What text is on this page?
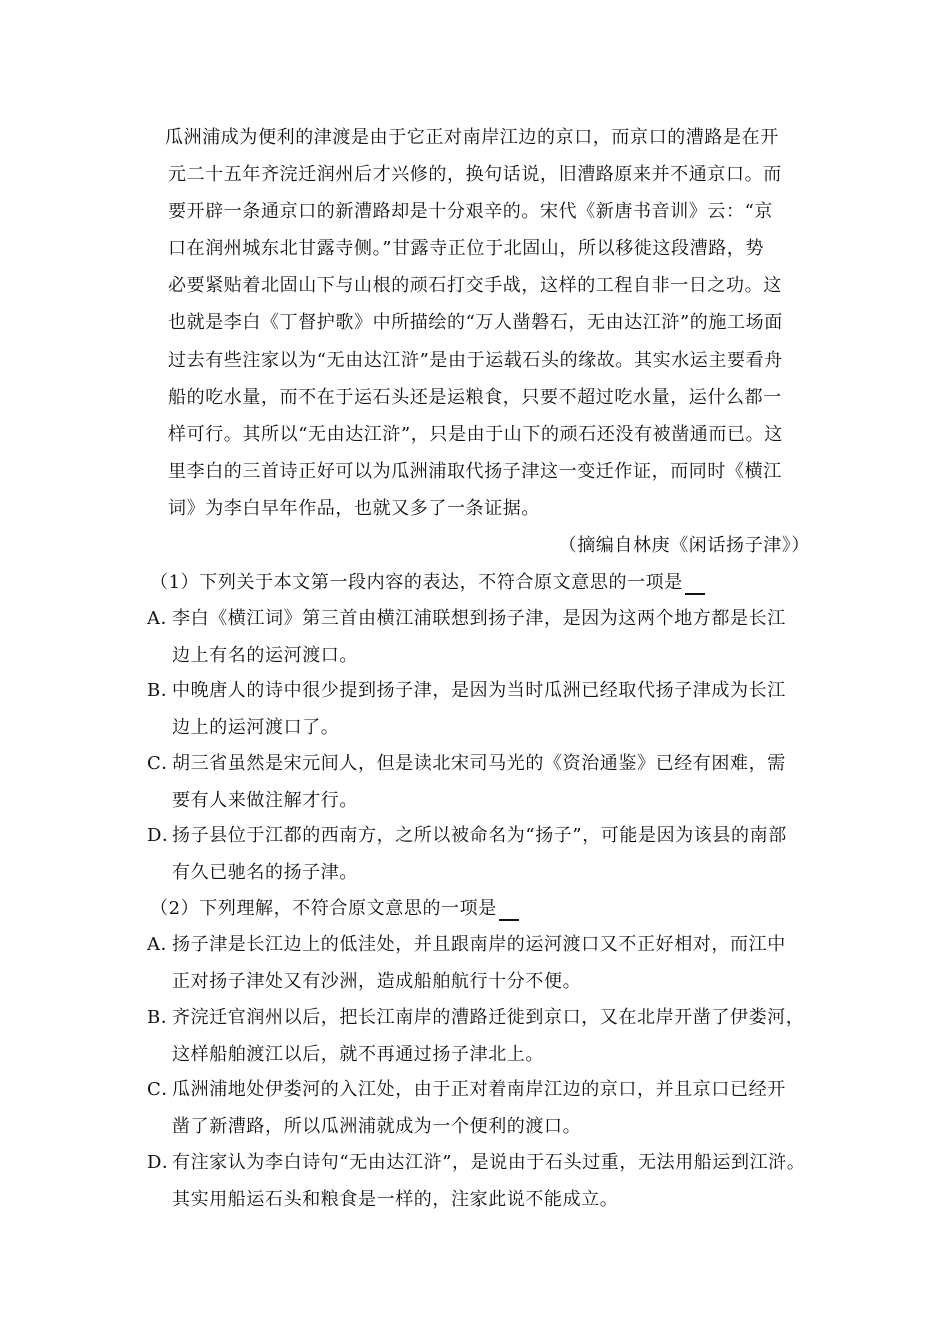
瓜洲浦成为便利的津渡是由于它正对南岸江边的京口，而京口的漕路是在开
元二十五年齐浣迁润州后才兴修的，换句话说，旧漕路原来并不通京口。而
要开辟一条通京口的新漕路却是十分艰辛的。宋代《新唐书音训》云：“京
口在润州城东北甘露寺侧。”甘露寺正位于北固山，所以移徙这段漕路，势
必要紧贴着北固山下与山根的顽石打交手战，这样的工程自非一日之功。这
也就是李白《丁督护歌》中所描绘的“万人凿磐石，无由达江浒”的施工场面
过去有些注家以为“无由达江浒”是由于运载石头的缘故。其实水运主要看舟
船的吃水量，而不在于运石头还是运粮食，只要不超过吃水量，运什么都一
样可行。其所以“无由达江浒”，只是由于山下的顽石还没有被凿通而已。这
里李白的三首诗正好可以为瓜洲浦取代扬子津这一变迁作证，而同时《横江
词》为李白早年作品，也就又多了一条证据。
（摘编自林庚《闲话扬子津》）
（1）下列关于本文第一段内容的表达，不符合原文意思的一项是
A．
李白《横江词》第三首由横江浦联想到扬子津，是因为这两个地方都是长江
边上有名的运河渡口。
B．
中晚唐人的诗中很少提到扬子津，是因为当时瓜洲已经取代扬子津成为长江
边上的运河渡口了。
C．
胡三省虽然是宋元间人，但是读北宋司马光的《资治通鉴》已经有困难，需
要有人来做注解才行。
D．
扬子县位于江都的西南方，之所以被命名为“扬子”，可能是因为该县的南部
有久已驰名的扬子津。
（2）下列理解，不符合原文意思的一项是
A．
扬子津是长江边上的低洼处，并且跟南岸的运河渡口又不正好相对，而江中
正对扬子津处又有沙洲，造成船舶航行十分不便。
B．
齐浣迁官润州以后，把长江南岸的漕路迁徙到京口，又在北岸开凿了伊娄河，
这样船舶渡江以后，就不再通过扬子津北上。
C．
瓜洲浦地处伊娄河的入江处，由于正对着南岸江边的京口，并且京口已经开
凿了新漕路，所以瓜洲浦就成为一个便利的渡口。
D．
有注家认为李白诗句“无由达江浒”，是说由于石头过重，无法用船运到江浒。
其实用船运石头和粮食是一样的，注家此说不能成立。
